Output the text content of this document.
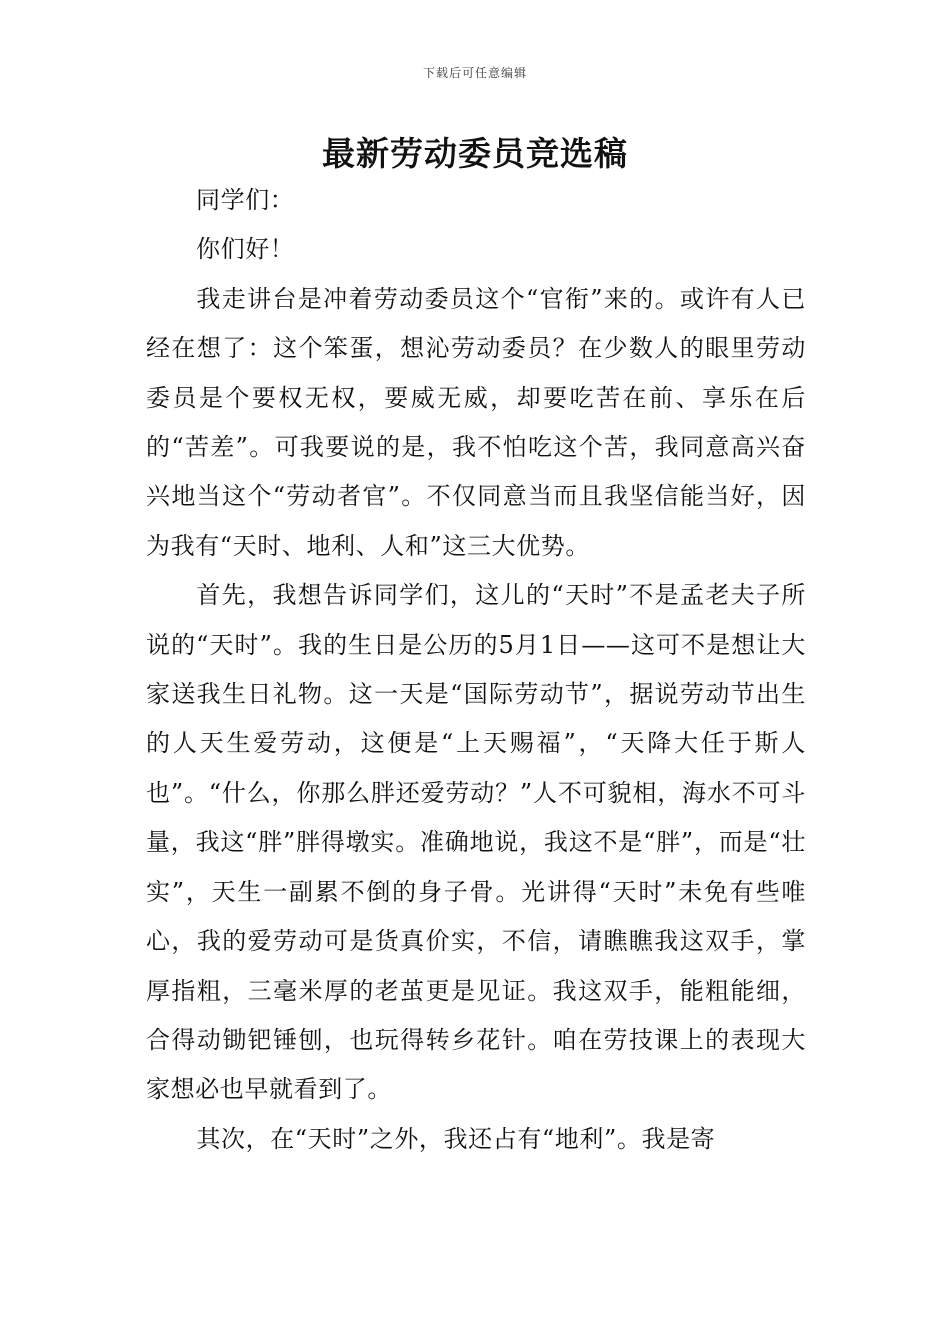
下载后可任意编辑
最新劳动委员竞选稿

同学们：

你们好！

我走讲台是冲着劳动委员这个“官衔”来的。或许有人已经在想了：这个笨蛋，想沁劳动委员？在少数人的眼里劳动委员是个要权无权，要威无威，却要吃苦在前、享乐在后的“苦差”。可我要说的是，我不怕吃这个苦，我同意高兴奋兴地当这个“劳动者官”。不仅同意当而且我坚信能当好，因为我有“天时、地利、人和”这三大优势。

首先，我想告诉同学们，这儿的“天时”不是孟老夫子所说的“天时”。我的生日是公历的5月1日——这可不是想让大家送我生日礼物。这一天是“国际劳动节”，据说劳动节出生的人天生爱劳动，这便是“上天赐福”，“天降大任于斯人也”。“什么，你那么胖还爱劳动？”人不可貌相，海水不可斗量，我这“胖”胖得墩实。准确地说，我这不是“胖”，而是“壮实”，天生一副累不倒的身子骨。光讲得“天时”未免有些唯心，我的爱劳动可是货真价实，不信，请瞧瞧我这双手，掌厚指粗，三毫米厚的老茧更是见证。我这双手，能粗能细，合得动锄钯锤刨，也玩得转乡花针。咱在劳技课上的表现大家想必也早就看到了。

其次，在“天时”之外，我还占有“地利”。我是寄
